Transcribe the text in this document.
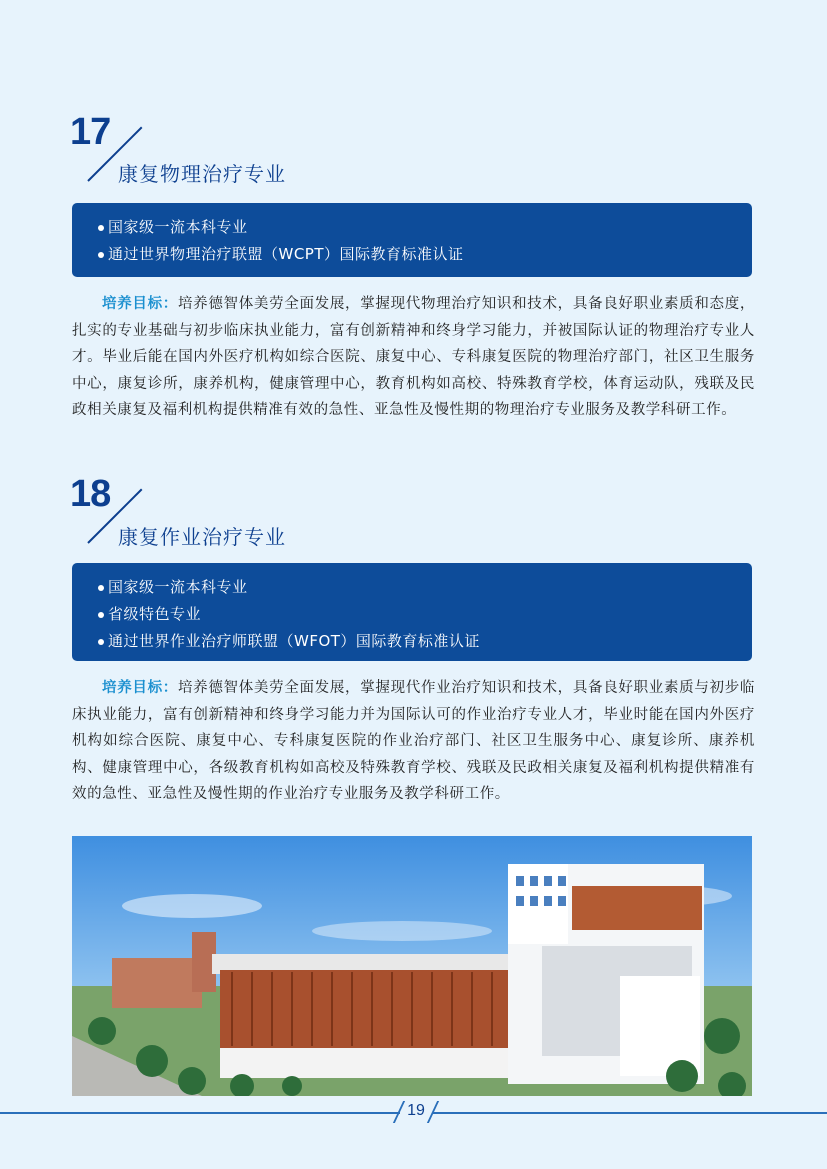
17
康复物理治疗专业
国家级一流本科专业
通过世界物理治疗联盟（WCPT）国际教育标准认证
培养目标：培养德智体美劳全面发展，掌握现代物理治疗知识和技术，具备良好职业素质和态度，扎实的专业基础与初步临床执业能力，富有创新精神和终身学习能力，并被国际认证的物理治疗专业人才。毕业后能在国内外医疗机构如综合医院、康复中心、专科康复医院的物理治疗部门，社区卫生服务中心，康复诊所，康养机构，健康管理中心，教育机构如高校、特殊教育学校，体育运动队，残联及民政相关康复及福利机构提供精准有效的急性、亚急性及慢性期的物理治疗专业服务及教学科研工作。
18
康复作业治疗专业
国家级一流本科专业
省级特色专业
通过世界作业治疗师联盟（WFOT）国际教育标准认证
培养目标：培养德智体美劳全面发展，掌握现代作业治疗知识和技术，具备良好职业素质与初步临床执业能力，富有创新精神和终身学习能力并为国际认可的作业治疗专业人才，毕业时能在国内外医疗机构如综合医院、康复中心、专科康复医院的作业治疗部门、社区卫生服务中心、康复诊所、康养机构、健康管理中心，各级教育机构如高校及特殊教育学校、残联及民政相关康复及福利机构提供精准有效的急性、亚急性及慢性期的作业治疗专业服务及教学科研工作。
19
